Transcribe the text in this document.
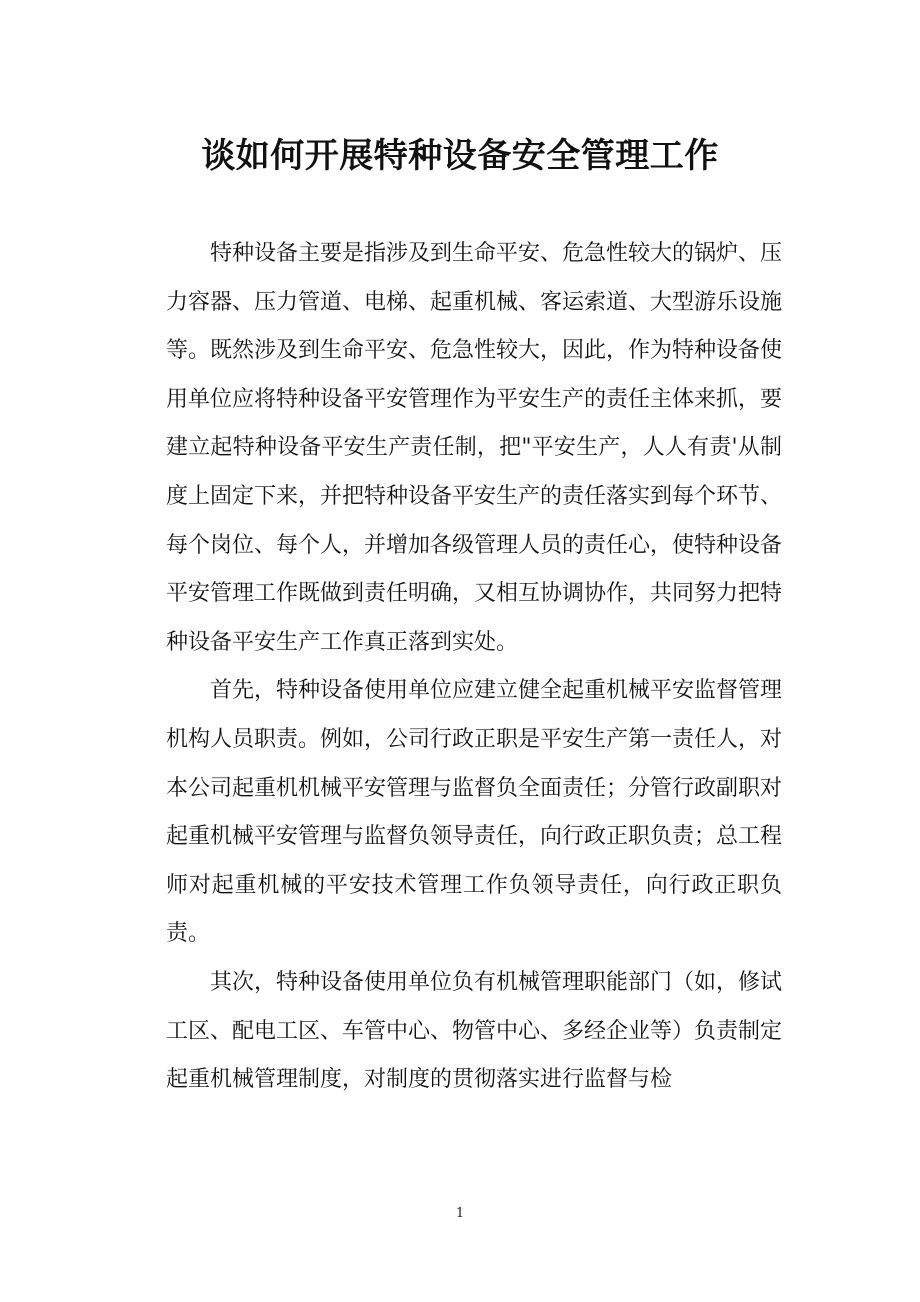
谈如何开展特种设备安全管理工作

特种设备主要是指涉及到生命平安、危急性较大的锅炉、压力容器、压力管道、电梯、起重机械、客运索道、大型游乐设施等。既然涉及到生命平安、危急性较大，因此，作为特种设备使用单位应将特种设备平安管理作为平安生产的责任主体来抓，要建立起特种设备平安生产责任制，把"平安生产，人人有责'从制度上固定下来，并把特种设备平安生产的责任落实到每个环节、每个岗位、每个人，并增加各级管理人员的责任心，使特种设备平安管理工作既做到责任明确，又相互协调协作，共同努力把特种设备平安生产工作真正落到实处。

首先，特种设备使用单位应建立健全起重机械平安监督管理机构人员职责。例如，公司行政正职是平安生产第一责任人，对本公司起重机机械平安管理与监督负全面责任；分管行政副职对起重机械平安管理与监督负领导责任，向行政正职负责；总工程师对起重机械的平安技术管理工作负领导责任，向行政正职负责。

其次，特种设备使用单位负有机械管理职能部门（如，修试工区、配电工区、车管中心、物管中心、多经企业等）负责制定起重机械管理制度，对制度的贯彻落实进行监督与检

1
